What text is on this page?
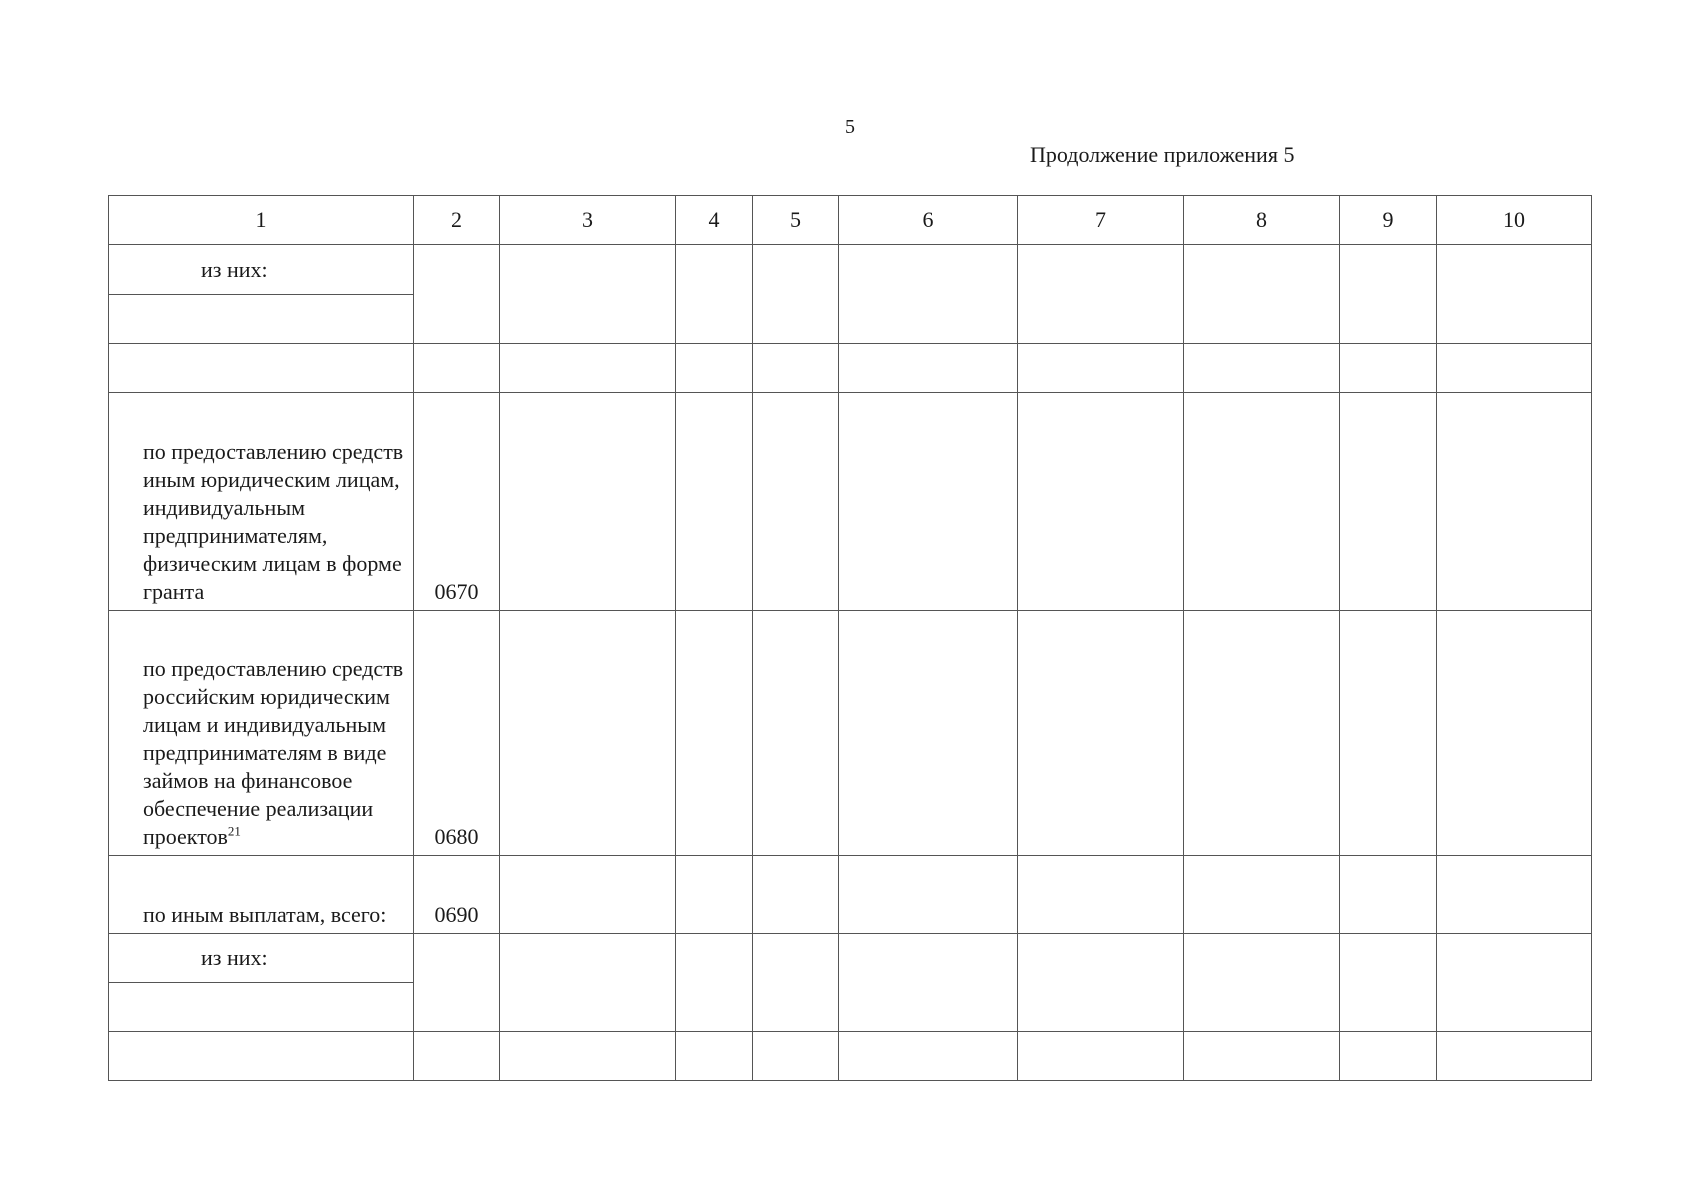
5
Продолжение приложения 5
1	2	3	4	5	6	7	8	9	10
из них:									

по предоставлению средств иным юридическим лицам, индивидуальным предпринимателям, физическим лицам в форме гранта	0670								
по предоставлению средств российским юридическим лицам и индивидуальным предпринимателям в виде займов на финансовое обеспечение реализации проектов$^{21}$	0680								
по иным выплатам, всего:	0690								
из них:									
